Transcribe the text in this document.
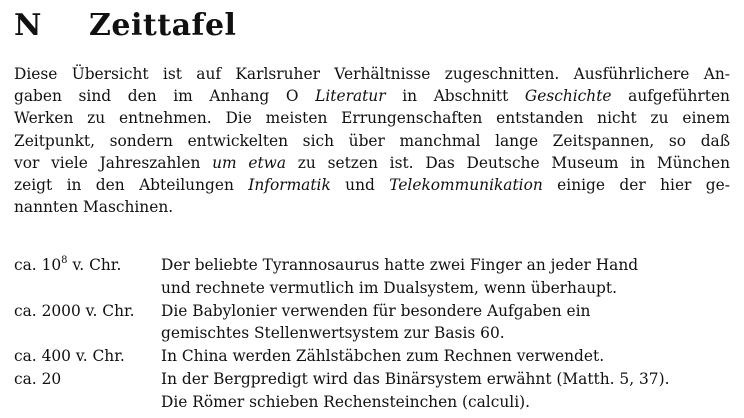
N Zeittafel
Diese Übersicht ist auf Karlsruher Verhältnisse zugeschnitten. Ausführlichere An-
gaben sind den im Anhang O Literatur in Abschnitt Geschichte aufgeführten
Werken zu entnehmen. Die meisten Errungenschaften entstanden nicht zu einem
Zeitpunkt, sondern entwickelten sich über manchmal lange Zeitspannen, so daß
vor viele Jahreszahlen um etwa zu setzen ist. Das Deutsche Museum in München
zeigt in den Abteilungen Informatik und Telekommunikation einige der hier ge-
nannten Maschinen.
ca. $10^8$ v. Chr.	Der beliebte Tyrannosaurus hatte zwei Finger an jeder Hand
und rechnete vermutlich im Dualsystem, wenn überhaupt.
ca. 2000 v. Chr.	Die Babylonier verwenden für besondere Aufgaben ein
gemischtes Stellenwertsystem zur Basis 60.
ca. 400 v. Chr.	In China werden Zählstäbchen zum Rechnen verwendet.
ca. 20	In der Bergpredigt wird das Binärsystem erwähnt (Matth. 5, 37).
Die Römer schieben Rechensteinchen (calculi).
